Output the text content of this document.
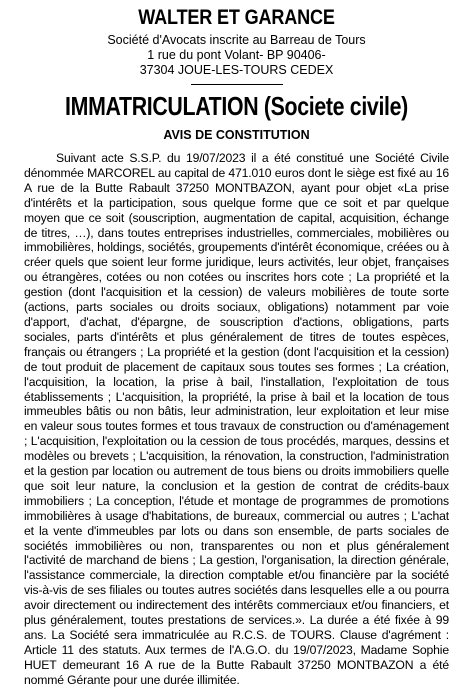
WALTER ET GARANCE

Société d'Avocats inscrite au Barreau de Tours

1 rue du pont Volant- BP 90406-

37304 JOUE-LES-TOURS CEDEX

IMMATRICULATION (Societe civile)
AVIS DE CONSTITUTION

Suivant acte S.S.P. du 19/07/2023 il a été constitué une Société Civile dénommée MARCOREL au capital de 471.010 euros dont le siège est fixé au 16 A rue de la Butte Rabault 37250 MONTBAZON, ayant pour objet «La prise d'intérêts et la participation, sous quelque forme que ce soit et par quelque moyen que ce soit (souscription, augmentation de capital, acquisition, échange de titres, …), dans toutes entreprises industrielles, commerciales, mobilières ou immobilières, holdings, sociétés, groupements d'intérêt économique, créées ou à créer quels que soient leur forme juridique, leurs activités, leur objet, françaises ou étrangères, cotées ou non cotées ou inscrites hors cote ; La propriété et la gestion (dont l'acquisition et la cession) de valeurs mobilières de toute sorte (actions, parts sociales ou droits sociaux, obligations) notamment par voie d'apport, d'achat, d'épargne, de souscription d'actions, obligations, parts sociales, parts d'intérêts et plus généralement de titres de toutes espèces, français ou étrangers ; La propriété et la gestion (dont l'acquisition et la cession) de tout produit de placement de capitaux sous toutes ses formes ; La création, l'acquisition, la location, la prise à bail, l'installation, l'exploitation de tous établissements ; L'acquisition, la propriété, la prise à bail et la location de tous immeubles bâtis ou non bâtis, leur administration, leur exploitation et leur mise en valeur sous toutes formes et tous travaux de construction ou d'aménagement ; L'acquisition, l'exploitation ou la cession de tous procédés, marques, dessins et modèles ou brevets ; L'acquisition, la rénovation, la construction, l'administration et la gestion par location ou autrement de tous biens ou droits immobiliers quelle que soit leur nature, la conclusion et la gestion de contrat de crédits-baux immobiliers ; La conception, l'étude et montage de programmes de promotions immobilières à usage d'habitations, de bureaux, commercial ou autres ; L'achat et la vente d'immeubles par lots ou dans son ensemble, de parts sociales de sociétés immobilières ou non, transparentes ou non et plus généralement l'activité de marchand de biens ; La gestion, l'organisation, la direction générale, l'assistance commerciale, la direction comptable et/ou financière par la société vis-à-vis de ses filiales ou toutes autres sociétés dans lesquelles elle a ou pourra avoir directement ou indirectement des intérêts commerciaux et/ou financiers, et plus généralement, toutes prestations de services.». La durée a été fixée à 99 ans. La Société sera immatriculée au R.C.S. de TOURS. Clause d'agrément : Article 11 des statuts. Aux termes de l'A.G.O. du 19/07/2023, Madame Sophie HUET demeurant 16 A rue de la Butte Rabault 37250 MONTBAZON a été nommé Gérante pour une durée illimitée.
